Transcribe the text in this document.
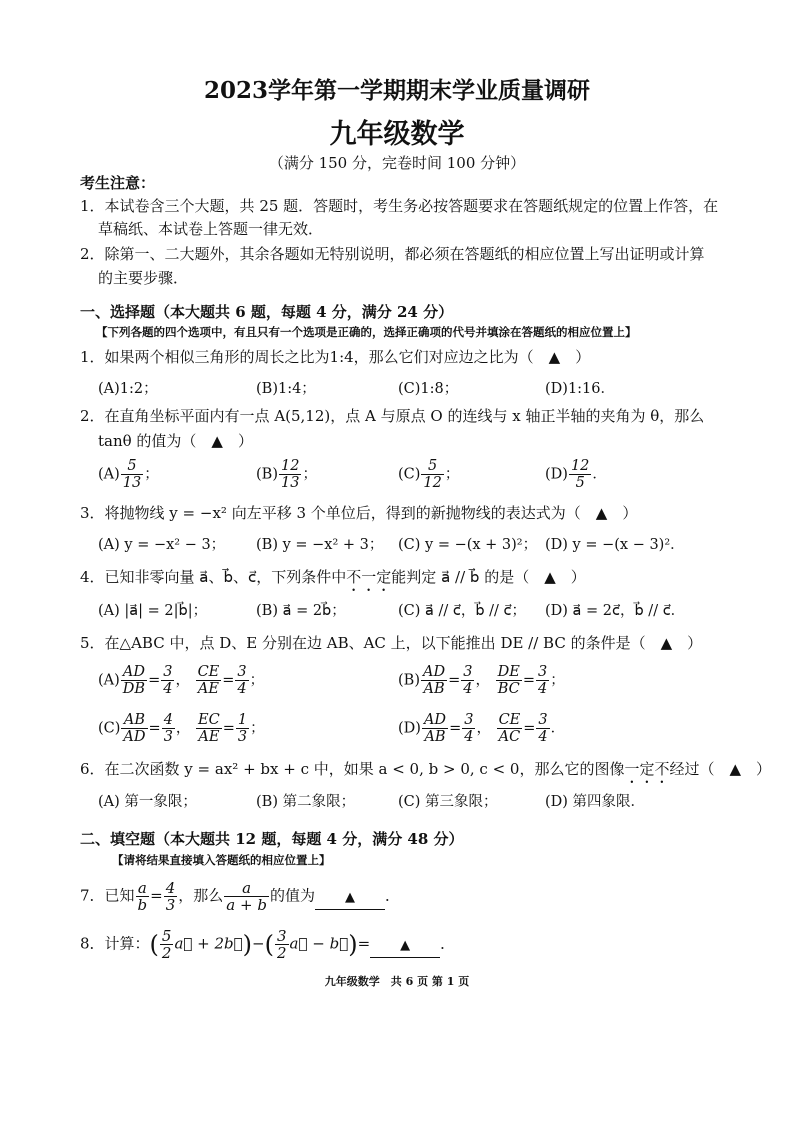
2023学年第一学期期末学业质量调研
九年级数学
（满分 150 分，完卷时间 100 分钟）
考生注意：
1．本试卷含三个大题，共 25 题．答题时，考生务必按答题要求在答题纸规定的位置上作答，在
草稿纸、本试卷上答题一律无效．
2．除第一、二大题外，其余各题如无特别说明，都必须在答题纸的相应位置上写出证明或计算
的主要步骤．
一、选择题（本大题共 6 题，每题 4 分，满分 24 分）
【下列各题的四个选项中，有且只有一个选项是正确的，选择正确项的代号并填涂在答题纸的相应位置上】
1．如果两个相似三角形的周长之比为1:4，那么它们对应边之比为（　▲　）
(A)1:2；	(B)1:4；	(C)1:8；	(D)1:16．
2．在直角坐标平面内有一点 A(5,12)，点 A 与原点 O 的连线与 x 轴正半轴的夹角为 θ，那么
tanθ 的值为（　▲　）
$(A) \frac{5}{13}$ ；	$(B) \frac{12}{13}$ ；	$(C) \frac{5}{12}$ ；	$(D) \frac{12}{5}$ ．
3．将抛物线 y = −x² 向左平移 3 个单位后，得到的新抛物线的表达式为（　▲　）
(A) y = −x² − 3； (B) y = −x² + 3； (C) y = −(x + 3)²； (D) y = −(x − 3)²．
4．已知非零向量 a⃗、b⃗、c⃗，下列条件中不一定能判定 a⃗ // b⃗ 的是（　▲　）
(A) |a⃗| = 2|b⃗|；	(B) a⃗ = 2b⃗；	(C) a⃗ // c⃗，b⃗ // c⃗； (D) a⃗ = 2c⃗，b⃗ // c⃗．
5．在△ABC 中，点 D、E 分别在边 AB、AC 上，以下能推出 DE // BC 的条件是（　▲　）
$(A) \frac{AD}{DB} = \frac{3}{4}$ ， $\frac{CE}{AE} = \frac{3}{4}$ ；	$(B) \frac{AD}{AB} = \frac{3}{4}$ ， $\frac{DE}{BC} = \frac{3}{4}$ ；
$(C) \frac{AB}{AD} = \frac{4}{3}$ ， $\frac{EC}{AE} = \frac{1}{3}$ ；	$(D) \frac{AD}{AB} = \frac{3}{4}$ ， $\frac{CE}{AC} = \frac{3}{4}$ ．
6．在二次函数 y = ax² + bx + c 中，如果 a < 0, b > 0, c < 0，那么它的图像一定不经过（　▲　）
(A) 第一象限；	(B) 第二象限；	(C) 第三象限；	(D) 第四象限．
二、填空题（本大题共 12 题，每题 4 分，满分 48 分）
【请将结果直接填入答题纸的相应位置上】
7．已知 $\frac{a}{b} = \frac{4}{3}$ ，那么 $\frac{a}{a + b}$ 的值为 ▲ ．
8．计算：( $\frac{5}{2}$ a⃗ + 2b⃗)−( $\frac{3}{2}$ a⃗ − b⃗)= ▲ ．
九年级数学　共 6 页 第 1 页
